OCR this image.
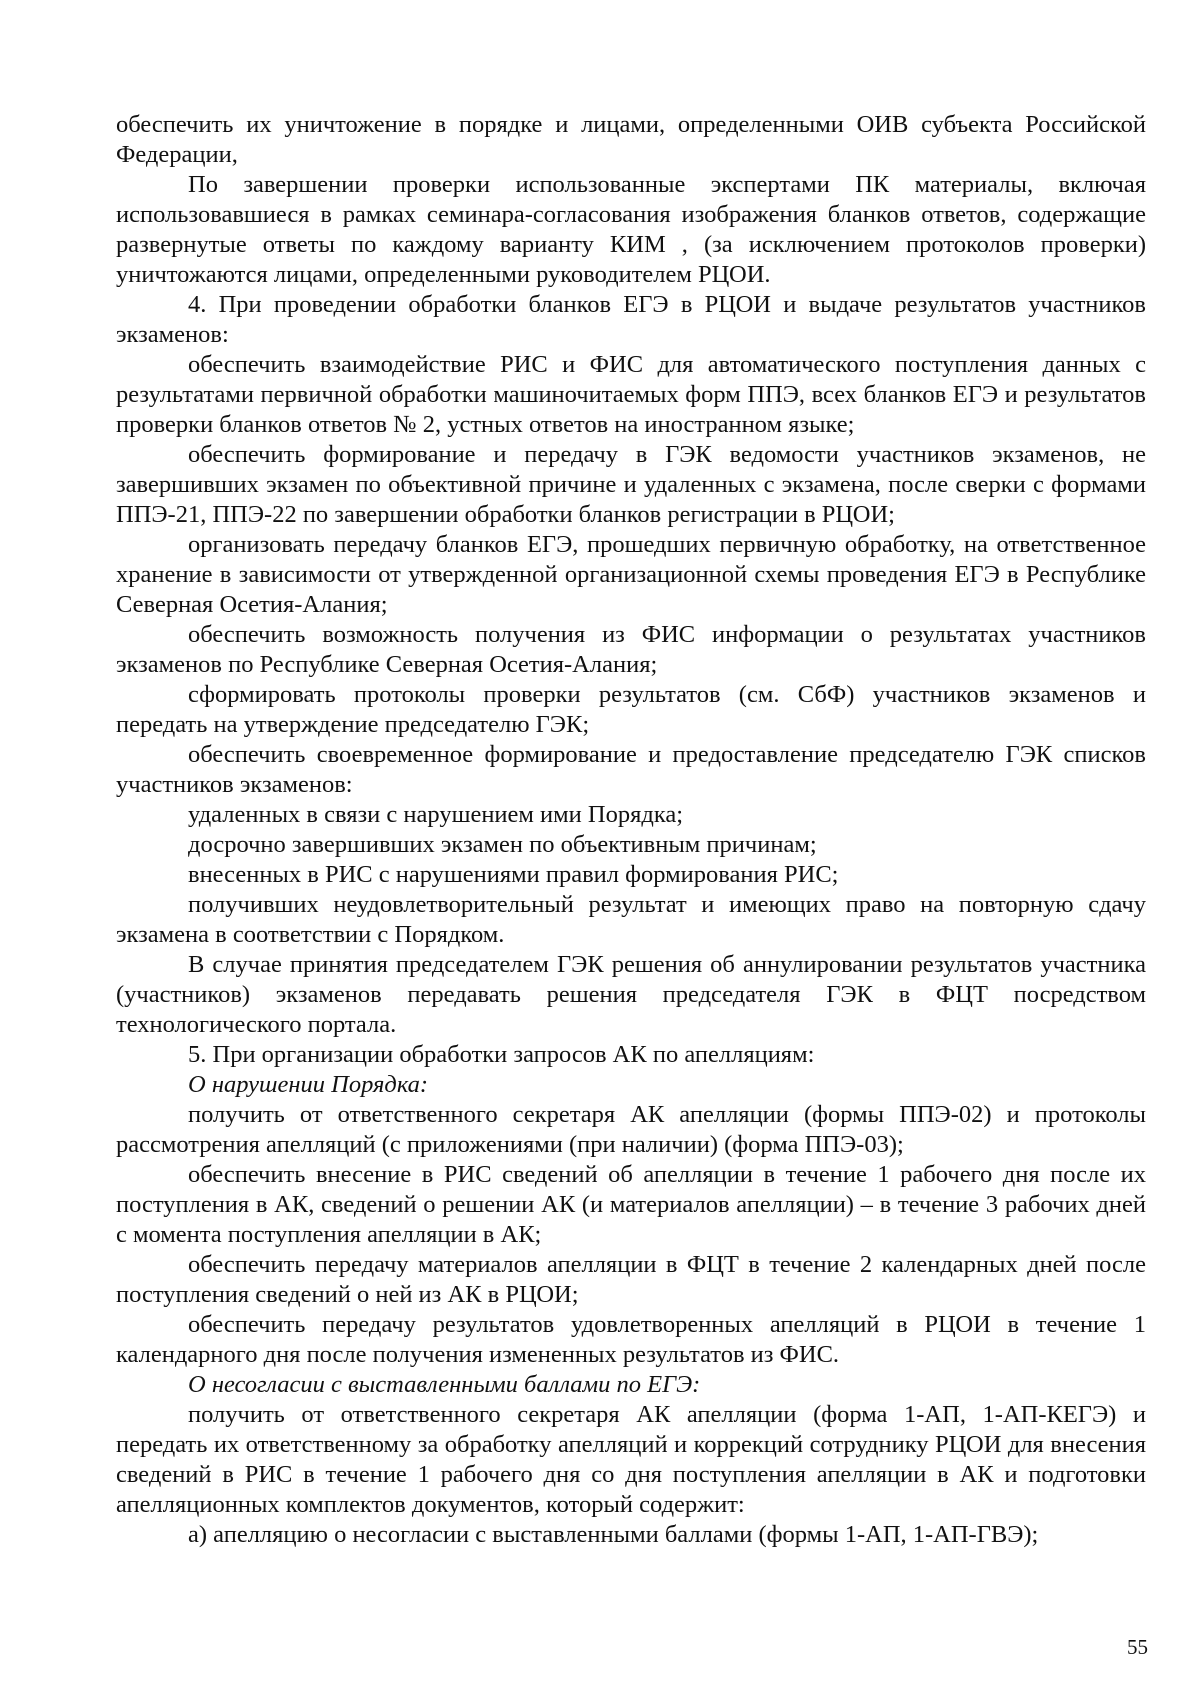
обеспечить их уничтожение в порядке и лицами, определенными ОИВ субъекта Российской Федерации,

По завершении проверки использованные экспертами ПК материалы, включая использовавшиеся в рамках семинара-согласования изображения бланков ответов, содержащие развернутые ответы по каждому варианту КИМ , (за исключением протоколов проверки) уничтожаются лицами, определенными руководителем РЦОИ.

4. При проведении обработки бланков ЕГЭ в РЦОИ и выдаче результатов участников экзаменов:

обеспечить взаимодействие РИС и ФИС для автоматического поступления данных с результатами первичной обработки машиночитаемых форм ППЭ, всех бланков ЕГЭ и результатов проверки бланков ответов № 2, устных ответов на иностранном языке;

обеспечить формирование и передачу в ГЭК ведомости участников экзаменов, не завершивших экзамен по объективной причине и удаленных с экзамена, после сверки с формами ППЭ-21, ППЭ-22 по завершении обработки бланков регистрации в РЦОИ;

организовать передачу бланков ЕГЭ, прошедших первичную обработку, на ответственное хранение в зависимости от утвержденной организационной схемы проведения ЕГЭ в Республике Северная Осетия-Алания;

обеспечить возможность получения из ФИС информации о результатах участников экзаменов по Республике Северная Осетия-Алания;

сформировать протоколы проверки результатов (см. СбФ) участников экзаменов и передать на утверждение председателю ГЭК;

обеспечить своевременное формирование и предоставление председателю ГЭК списков участников экзаменов:

удаленных в связи с нарушением ими Порядка;

досрочно завершивших экзамен по объективным причинам;

внесенных в РИС с нарушениями правил формирования РИС;

получивших неудовлетворительный результат и имеющих право на повторную сдачу экзамена в соответствии с Порядком.

В случае принятия председателем ГЭК решения об аннулировании результатов участника (участников) экзаменов передавать решения председателя ГЭК в ФЦТ посредством технологического портала.

5. При организации обработки запросов АК по апелляциям:

О нарушении Порядка:

получить от ответственного секретаря АК апелляции (формы ППЭ-02) и протоколы рассмотрения апелляций (с приложениями (при наличии) (форма ППЭ-03);

обеспечить внесение в РИС сведений об апелляции в течение 1 рабочего дня после их поступления в АК, сведений о решении АК (и материалов апелляции) – в течение 3 рабочих дней с момента поступления апелляции в АК;

обеспечить передачу материалов апелляции в ФЦТ в течение 2 календарных дней после поступления сведений о ней из АК в РЦОИ;

обеспечить передачу результатов удовлетворенных апелляций в РЦОИ в течение 1 календарного дня после получения измененных результатов из ФИС.

О несогласии с выставленными баллами по ЕГЭ:

получить от ответственного секретаря АК апелляции (форма 1-АП, 1-АП-КЕГЭ) и передать их ответственному за обработку апелляций и коррекций сотруднику РЦОИ для внесения сведений в РИС в течение 1 рабочего дня со дня поступления апелляции в АК и подготовки апелляционных комплектов документов, который содержит:

а) апелляцию о несогласии с выставленными баллами (формы 1-АП, 1-АП-ГВЭ);

55
